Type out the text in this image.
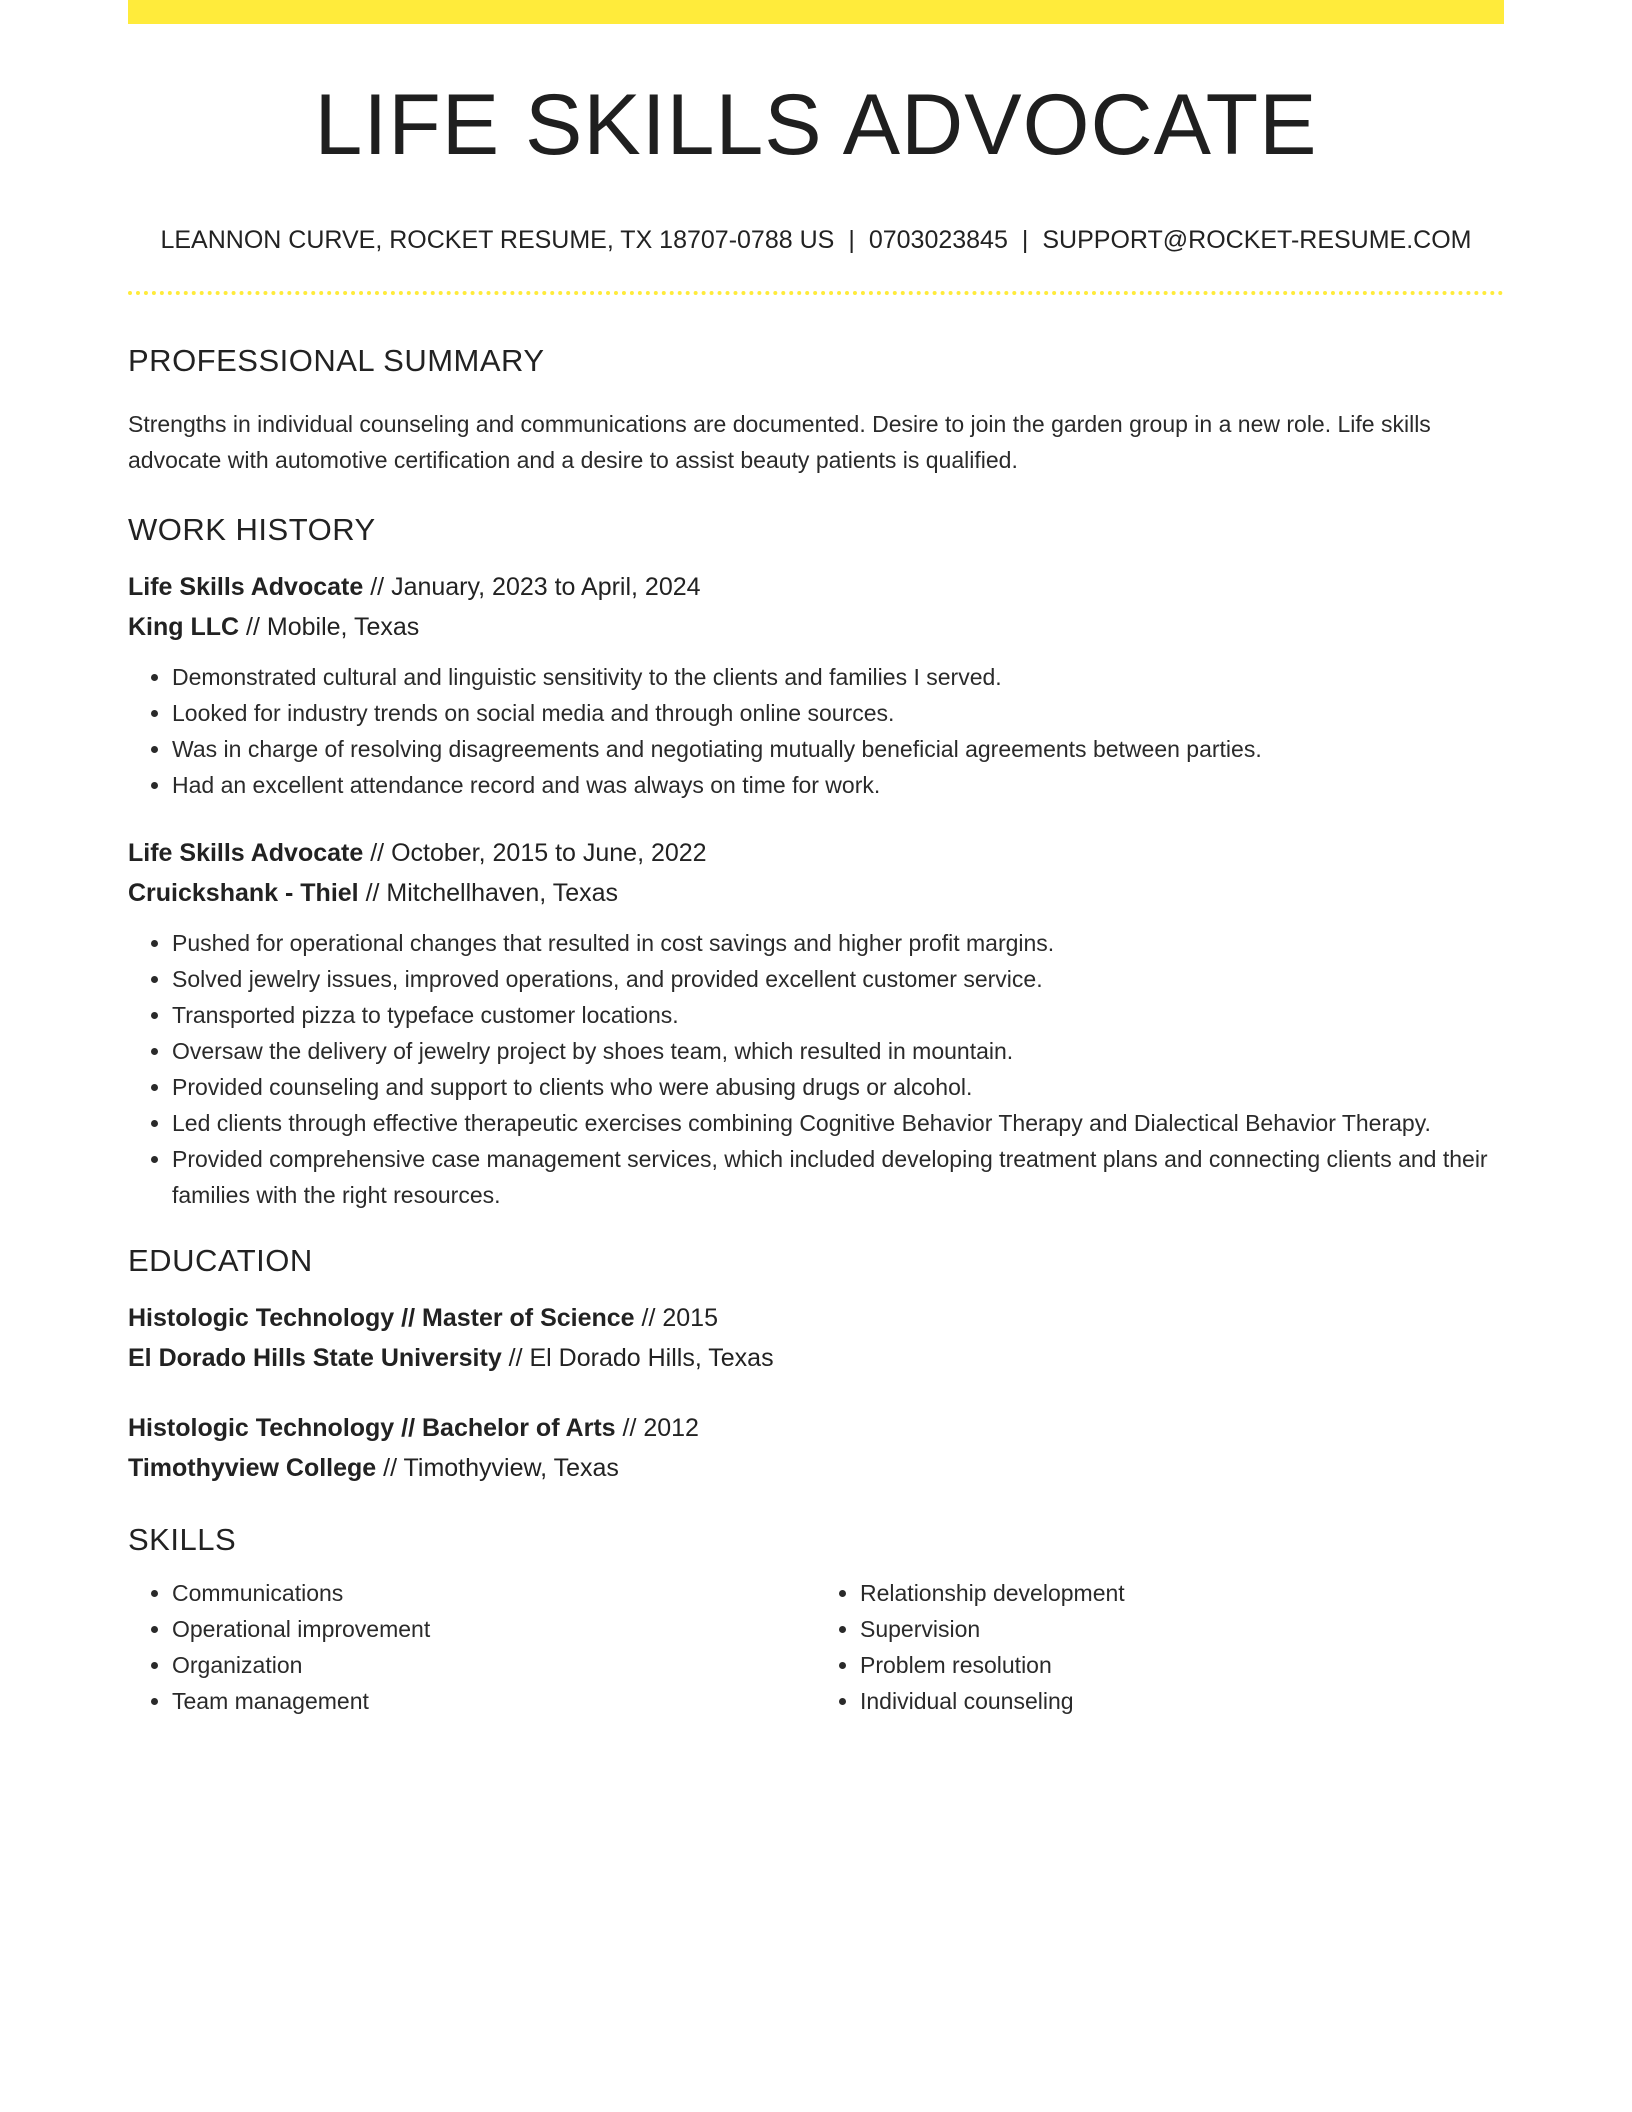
LIFE SKILLS ADVOCATE
LEANNON CURVE, ROCKET RESUME, TX 18707-0788 US | 0703023845 | SUPPORT@ROCKET-RESUME.COM
PROFESSIONAL SUMMARY
Strengths in individual counseling and communications are documented. Desire to join the garden group in a new role. Life skills advocate with automotive certification and a desire to assist beauty patients is qualified.
WORK HISTORY
Life Skills Advocate // January, 2023 to April, 2024
King LLC // Mobile, Texas
• Demonstrated cultural and linguistic sensitivity to the clients and families I served.
• Looked for industry trends on social media and through online sources.
• Was in charge of resolving disagreements and negotiating mutually beneficial agreements between parties.
• Had an excellent attendance record and was always on time for work.
Life Skills Advocate // October, 2015 to June, 2022
Cruickshank - Thiel // Mitchellhaven, Texas
• Pushed for operational changes that resulted in cost savings and higher profit margins.
• Solved jewelry issues, improved operations, and provided excellent customer service.
• Transported pizza to typeface customer locations.
• Oversaw the delivery of jewelry project by shoes team, which resulted in mountain.
• Provided counseling and support to clients who were abusing drugs or alcohol.
• Led clients through effective therapeutic exercises combining Cognitive Behavior Therapy and Dialectical Behavior Therapy.
• Provided comprehensive case management services, which included developing treatment plans and connecting clients and their families with the right resources.
EDUCATION
Histologic Technology // Master of Science // 2015
El Dorado Hills State University // El Dorado Hills, Texas
Histologic Technology // Bachelor of Arts // 2012
Timothyview College // Timothyview, Texas
SKILLS
• Communications
• Operational improvement
• Organization
• Team management
• Relationship development
• Supervision
• Problem resolution
• Individual counseling
